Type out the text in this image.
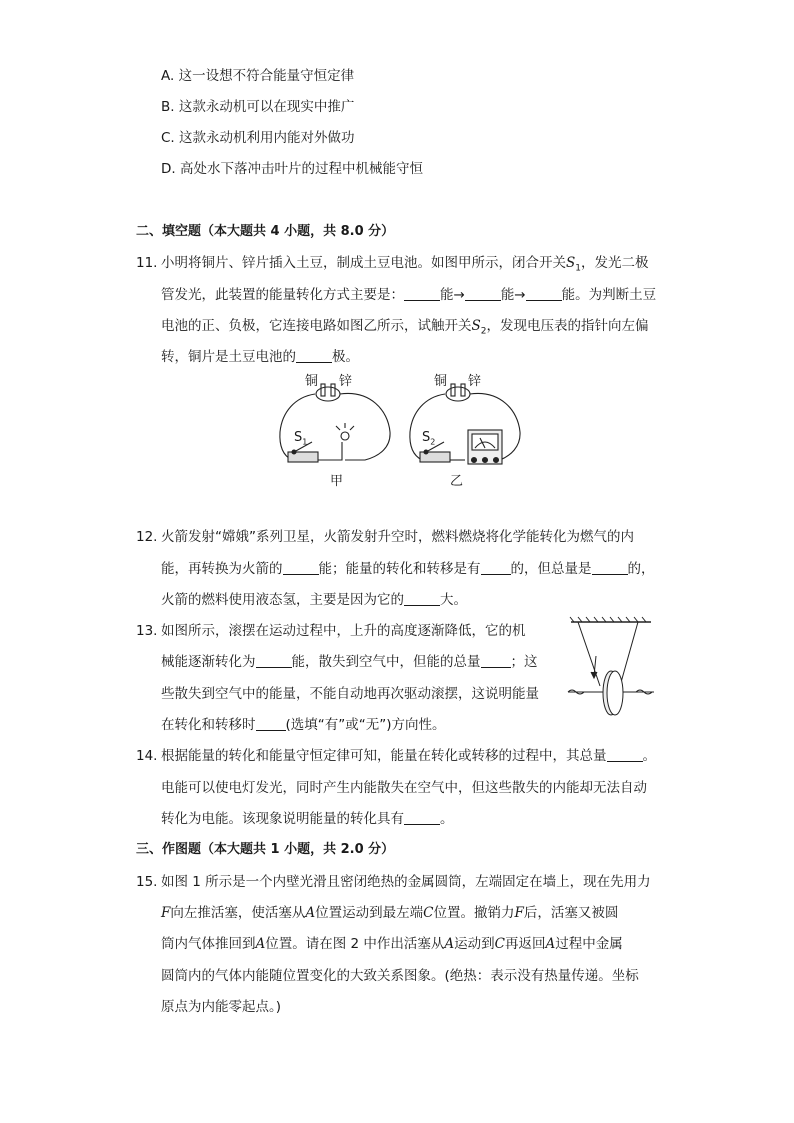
A. 这一设想不符合能量守恒定律
B. 这款永动机可以在现实中推广
C. 这款永动机利用内能对外做功
D. 高处水下落冲击叶片的过程中机械能守恒
二、填空题（本大题共 4 小题，共 8.0 分）
11. 小明将铜片、锌片插入土豆，制成土豆电池。如图甲所示，闭合开关$S_1$，发光二极
管发光，此装置的能量转化方式主要是：	能→	能→	能。为判断土豆
电池的正、负极，它连接电路如图乙所示，试触开关$S_2$，发现电压表的指针向左偏
转，铜片是土豆电池的	极。
铜 锌	铜 锌
$S_1$	$S_2$
甲	乙
12. 火箭发射“嫦娥”系列卫星，火箭发射升空时，燃料燃烧将化学能转化为燃气的内
能，再转换为火箭的	能；能量的转化和转移是有 的，但总量是	的，
火箭的燃料使用液态氢，主要是因为它的	大。
13. 如图所示，滚摆在运动过程中，上升的高度逐渐降低，它的机
械能逐渐转化为	能，散失到空气中，但能的总量 ；这
些散失到空气中的能量，不能自动地再次驱动滚摆，这说明能量
在转化和转移时 (选填“有”或“无”)方向性。
14. 根据能量的转化和能量守恒定律可知，能量在转化或转移的过程中，其总量	。
电能可以使电灯发光，同时产生内能散失在空气中，但这些散失的内能却无法自动
转化为电能。该现象说明能量的转化具有	。
三、作图题（本大题共 1 小题，共 2.0 分）
15. 如图 1 所示是一个内壁光滑且密闭绝热的金属圆筒，左端固定在墙上，现在先用力
F向左推活塞，使活塞从A位置运动到最左端C位置。撤销力F后，活塞又被圆
筒内气体推回到A位置。请在图 2 中作出活塞从A运动到C再返回A过程中金属
圆筒内的气体内能随位置变化的大致关系图象。(绝热：表示没有热量传递。坐标
原点为内能零起点。)
